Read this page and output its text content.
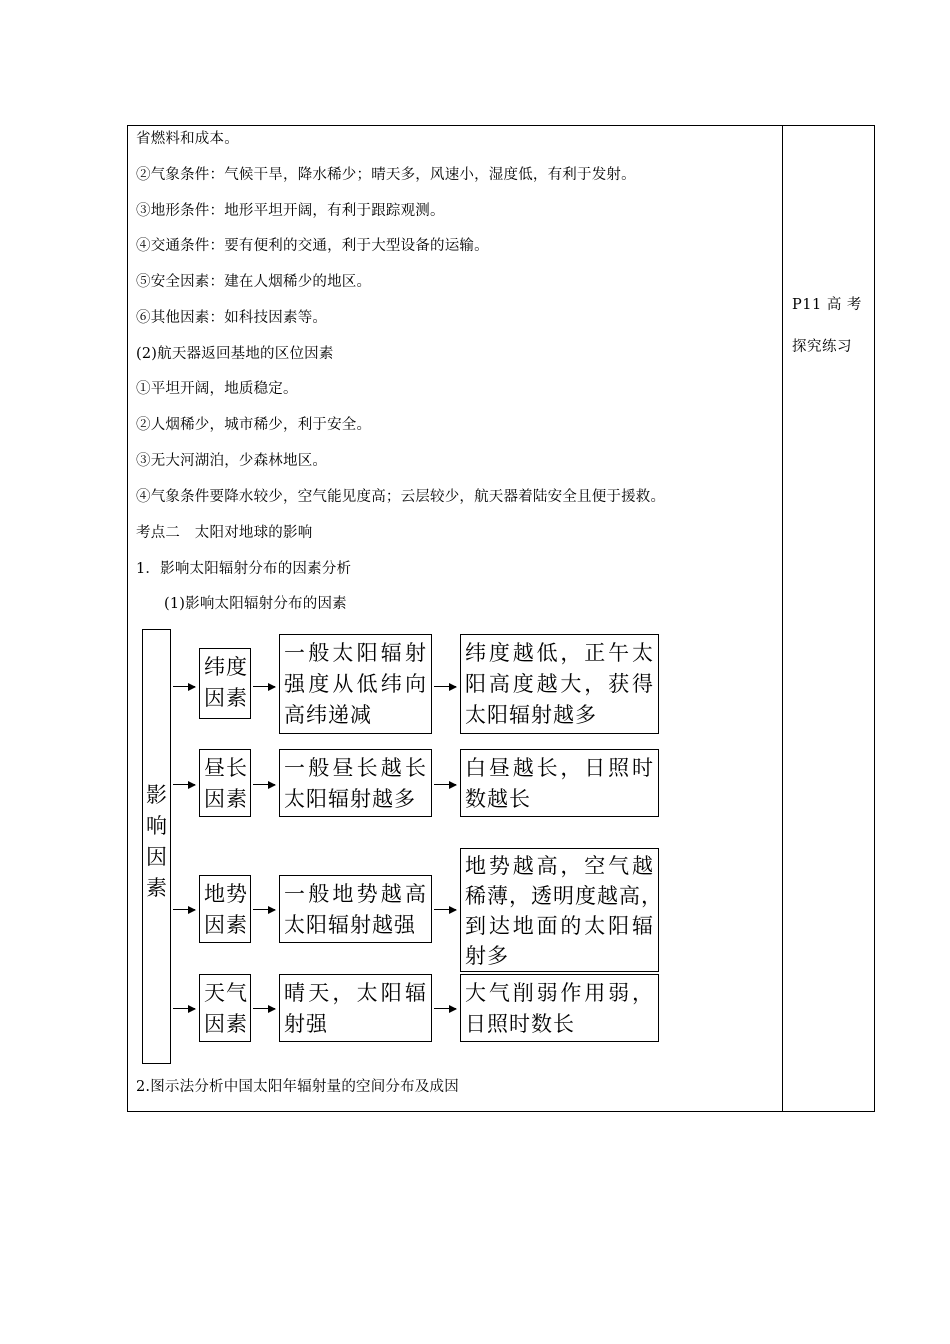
省燃料和成本。
②气象条件：气候干旱，降水稀少；晴天多，风速小，湿度低，有利于发射。
③地形条件：地形平坦开阔，有利于跟踪观测。
④交通条件：要有便利的交通，利于大型设备的运输。
⑤安全因素：建在人烟稀少的地区。
⑥其他因素：如科技因素等。
(2)航天器返回基地的区位因素
①平坦开阔，地质稳定。
②人烟稀少，城市稀少，利于安全。
③无大河湖泊，少森林地区。
④气象条件要降水较少，空气能见度高；云层较少，航天器着陆安全且便于援救。
考点二　太阳对地球的影响
1．影响太阳辐射分布的因素分析
(1)影响太阳辐射分布的因素
2.图示法分析中国太阳年辐射量的空间分布及成因
P11 高 考
探究练习
影
响
因
素
纬度
因素
一般太阳辐射
强度从低纬向
高纬递减
纬度越低，正午太
阳高度越大，获得
太阳辐射越多
昼长
因素
一般昼长越长
太阳辐射越多
白昼越长，日照时
数越长
地势
因素
一般地势越高
太阳辐射越强
地势越高，空气越
稀薄，透明度越高，
到达地面的太阳辐
射多
天气
因素
晴天，太阳辐
射强
大气削弱作用弱，
日照时数长
